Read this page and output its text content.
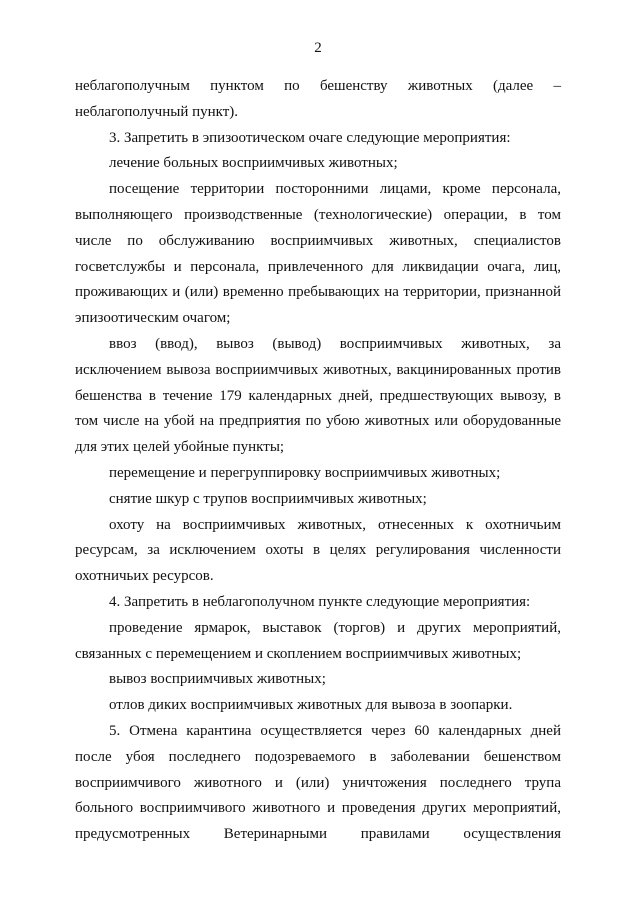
2

неблагополучным пунктом по бешенству животных (далее – неблагополучный пункт).

3. Запретить в эпизоотическом очаге следующие мероприятия:

лечение больных восприимчивых животных;

посещение территории посторонними лицами, кроме персонала, выполняющего производственные (технологические) операции, в том числе по обслуживанию восприимчивых животных, специалистов госветслужбы и персонала, привлеченного для ликвидации очага, лиц, проживающих и (или) временно пребывающих на территории, признанной эпизоотическим очагом;

ввоз (ввод), вывоз (вывод) восприимчивых животных, за исключением вывоза восприимчивых животных, вакцинированных против бешенства в течение 179 календарных дней, предшествующих вывозу, в том числе на убой на предприятия по убою животных или оборудованные для этих целей убойные пункты;

перемещение и перегруппировку восприимчивых животных;

снятие шкур с трупов восприимчивых животных;

охоту на восприимчивых животных, отнесенных к охотничьим ресурсам, за исключением охоты в целях регулирования численности охотничьих ресурсов.

4. Запретить в неблагополучном пункте следующие мероприятия:

проведение ярмарок, выставок (торгов) и других мероприятий, связанных с перемещением и скоплением восприимчивых животных;

вывоз восприимчивых животных;

отлов диких восприимчивых животных для вывоза в зоопарки.

5. Отмена карантина осуществляется через 60 календарных дней после убоя последнего подозреваемого в заболевании бешенством восприимчивого животного и (или) уничтожения последнего трупа больного восприимчивого животного и проведения других мероприятий, предусмотренных Ветеринарными правилами осуществления
